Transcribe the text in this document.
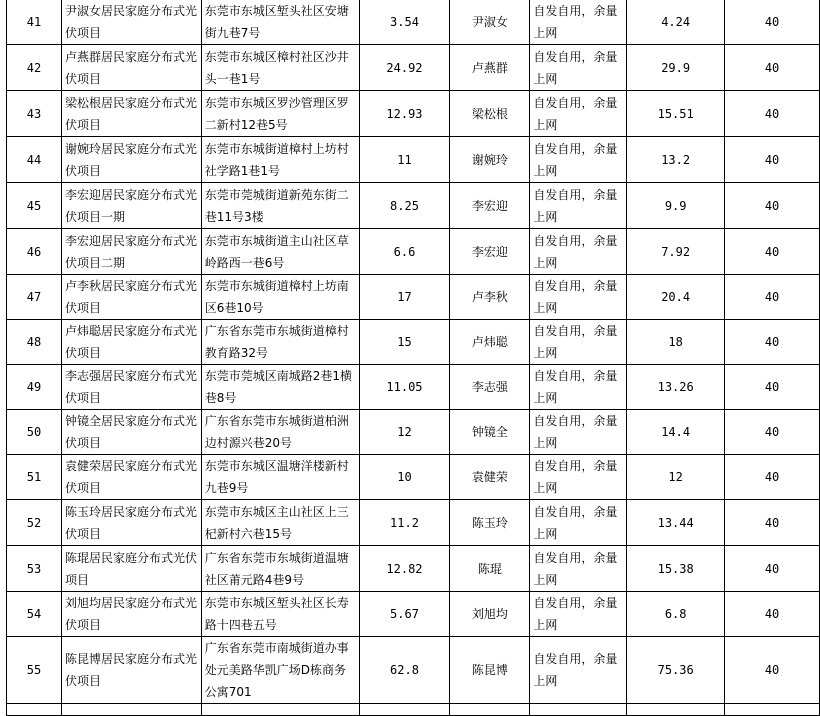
41	尹淑女居民家庭分布式光伏项目	东莞市东城区堑头社区安塘街九巷7号	3.54	尹淑女	自发自用，余量上网	4.24	40
42	卢燕群居民家庭分布式光伏项目	东莞市东城区樟村社区沙井头一巷1号	24.92	卢燕群	自发自用，余量上网	29.9	40
43	梁松根居民家庭分布式光伏项目	东莞市东城区罗沙管理区罗二新村12巷5号	12.93	梁松根	自发自用，余量上网	15.51	40
44	谢婉玲居民家庭分布式光伏项目	东莞市东城街道樟村上坊村社学路1巷1号	11	谢婉玲	自发自用，余量上网	13.2	40
45	李宏迎居民家庭分布式光伏项目一期	东莞市莞城街道新苑东街二巷11号3楼	8.25	李宏迎	自发自用，余量上网	9.9	40
46	李宏迎居民家庭分布式光伏项目二期	东莞市东城街道主山社区草岭路西一巷6号	6.6	李宏迎	自发自用，余量上网	7.92	40
47	卢李秋居民家庭分布式光伏项目	东莞市东城街道樟村上坊南区6巷10号	17	卢李秋	自发自用，余量上网	20.4	40
48	卢炜聪居民家庭分布式光伏项目	广东省东莞市东城街道樟村教育路32号	15	卢炜聪	自发自用，余量上网	18	40
49	李志强居民家庭分布式光伏项目	东莞市莞城区南城路2巷1横巷8号	11.05	李志强	自发自用，余量上网	13.26	40
50	钟镜全居民家庭分布式光伏项目	广东省东莞市东城街道柏洲边村源兴巷20号	12	钟镜全	自发自用，余量上网	14.4	40
51	袁健荣居民家庭分布式光伏项目	东莞市东城区温塘洋楼新村九巷9号	10	袁健荣	自发自用，余量上网	12	40
52	陈玉玲居民家庭分布式光伏项目	东莞市东城区主山社区上三杞新村六巷15号	11.2	陈玉玲	自发自用，余量上网	13.44	40
53	陈琨居民家庭分布式光伏项目	广东省东莞市东城街道温塘社区莆元路4巷9号	12.82	陈琨	自发自用，余量上网	15.38	40
54	刘旭均居民家庭分布式光伏项目	东莞市东城区堑头社区长寿路十四巷五号	5.67	刘旭均	自发自用，余量上网	6.8	40
55	陈昆博居民家庭分布式光伏项目	广东省东莞市南城街道办事处元美路华凯广场D栋商务公寓701	62.8	陈昆博	自发自用，余量上网	75.36	40
